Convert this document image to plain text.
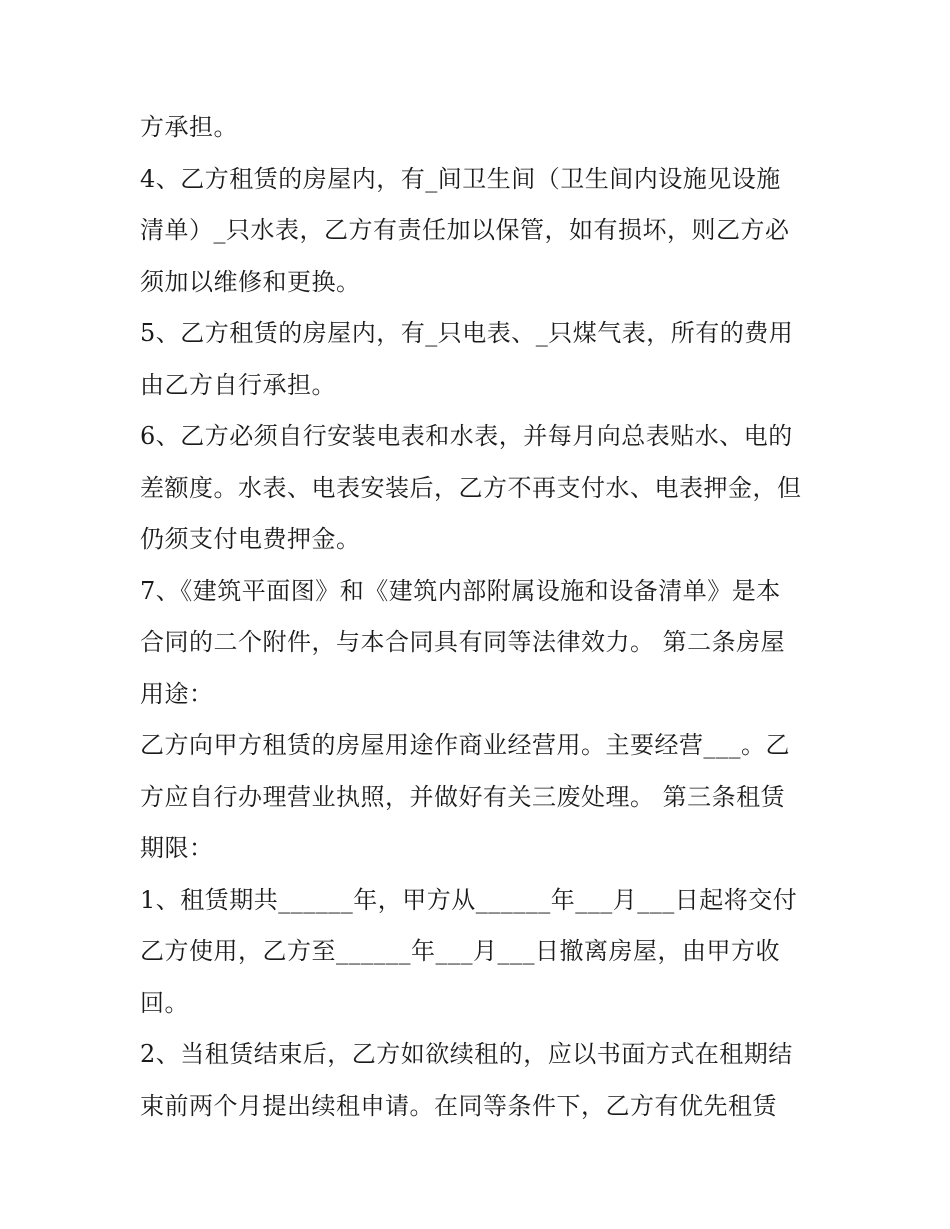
方承担。
4、乙方租赁的房屋内，有_间卫生间（卫生间内设施见设施
清单）_只水表，乙方有责任加以保管，如有损坏，则乙方必
须加以维修和更换。
5、乙方租赁的房屋内，有_只电表、_只煤气表，所有的费用
由乙方自行承担。
6、乙方必须自行安装电表和水表，并每月向总表贴水、电的
差额度。水表、电表安装后，乙方不再支付水、电表押金，但
仍须支付电费押金。
7、《建筑平面图》和《建筑内部附属设施和设备清单》是本
合同的二个附件，与本合同具有同等法律效力。 第二条房屋
用途：
乙方向甲方租赁的房屋用途作商业经营用。主要经营___。乙
方应自行办理营业执照，并做好有关三废处理。 第三条租赁
期限：
1、租赁期共______年，甲方从______年___月___日起将交付
乙方使用，乙方至______年___月___日撤离房屋，由甲方收
回。
2、当租赁结束后，乙方如欲续租的，应以书面方式在租期结
束前两个月提出续租申请。在同等条件下，乙方有优先租赁
